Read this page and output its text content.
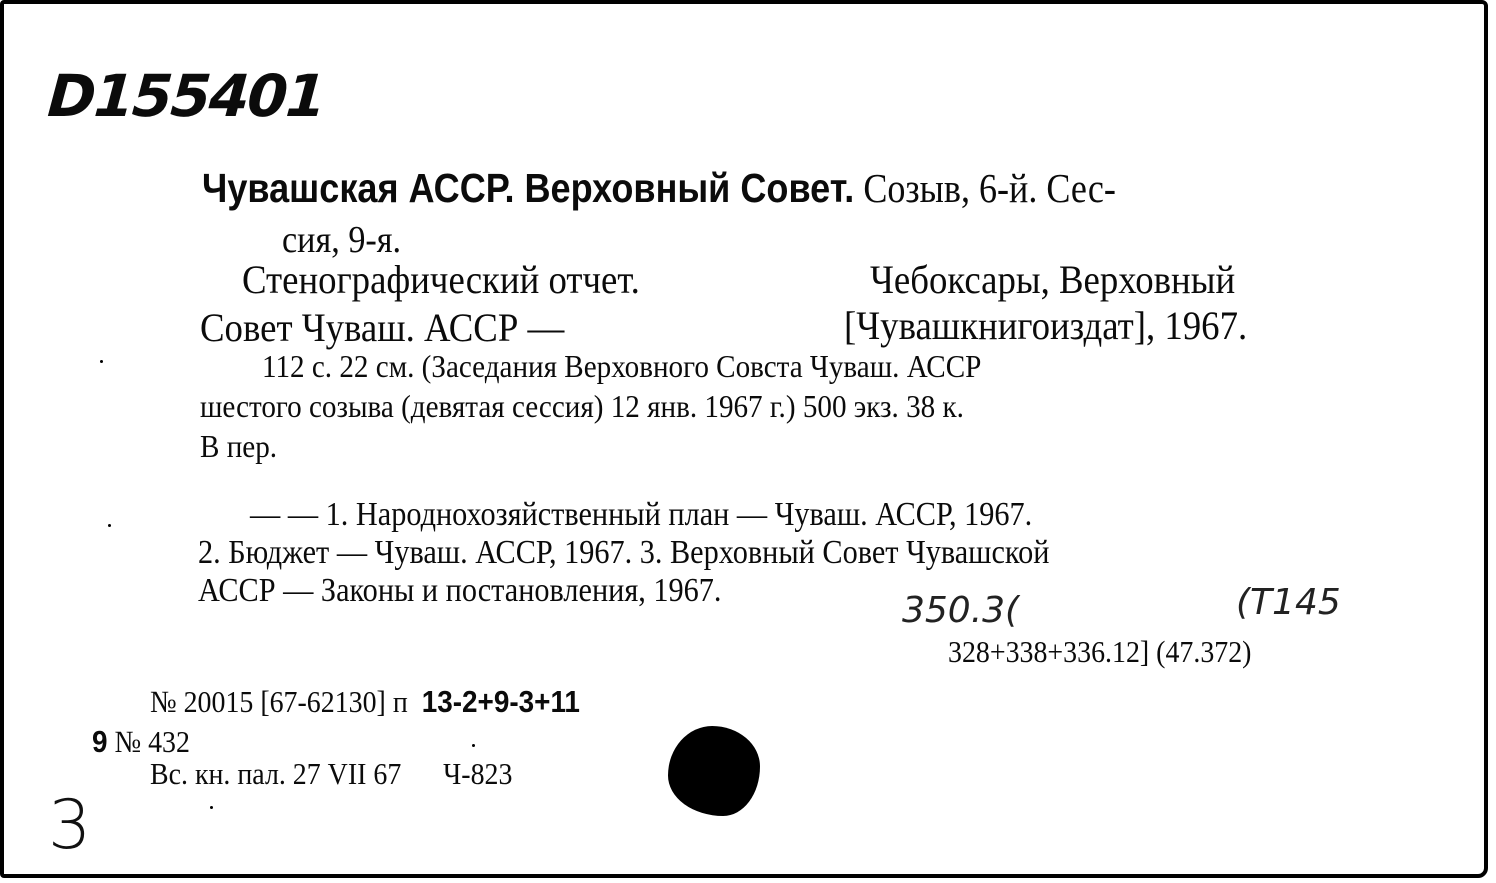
D155401
Чувашская АССР. Верховный Совет. Созыв, 6-й. Сес-
сия, 9-я.
Стенографический отчет.	Чебоксары, Верховный
Совет Чуваш. АССР —	[Чувашкнигоиздат], 1967.
112 с. 22 см. (Заседания Верховного Совста Чуваш. АССР
шестого созыва (девятая сессия) 12 янв. 1967 г.) 500 экз. 38 к.
В пер.
— — 1. Народнохозяйственный план — Чуваш. АССР, 1967.
2. Бюджет — Чуваш. АССР, 1967. 3. Верховный Совет Чувашской
АССР — Законы и постановления, 1967.	350.3(	(Т145
328+338+336.12] (47.372)
№ 20015 [67-62130] п 13-2+9-3+11
9 № 432
Вс. кн. пал. 27 VII 67 Ч-823
3
